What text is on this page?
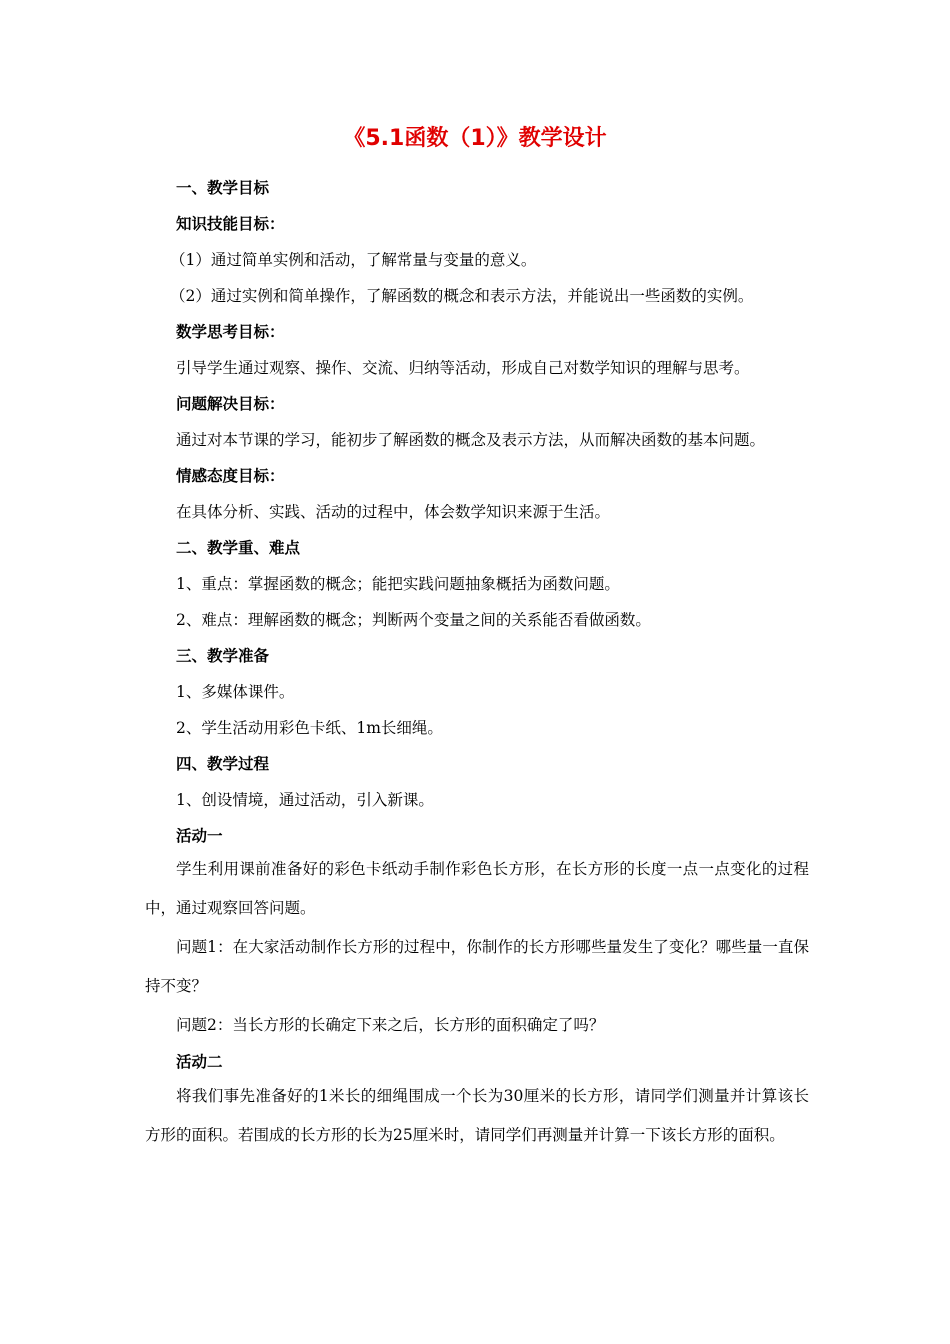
《5.1函数（1）》教学设计
一、教学目标
知识技能目标：
（1）通过简单实例和活动，了解常量与变量的意义。
（2）通过实例和简单操作，了解函数的概念和表示方法，并能说出一些函数的实例。
数学思考目标：
引导学生通过观察、操作、交流、归纳等活动，形成自己对数学知识的理解与思考。
问题解决目标：
通过对本节课的学习，能初步了解函数的概念及表示方法，从而解决函数的基本问题。
情感态度目标：
在具体分析、实践、活动的过程中，体会数学知识来源于生活。
二、教学重、难点
1、重点：掌握函数的概念；能把实践问题抽象概括为函数问题。
2、难点：理解函数的概念；判断两个变量之间的关系能否看做函数。
三、教学准备
1、多媒体课件。
2、学生活动用彩色卡纸、1m长细绳。
四、教学过程
1、创设情境，通过活动，引入新课。
活动一
学生利用课前准备好的彩色卡纸动手制作彩色长方形，在长方形的长度一点一点变化的过程中，通过观察回答问题。
问题1：在大家活动制作长方形的过程中，你制作的长方形哪些量发生了变化？哪些量一直保持不变？
问题2：当长方形的长确定下来之后，长方形的面积确定了吗？
活动二
将我们事先准备好的1米长的细绳围成一个长为30厘米的长方形，请同学们测量并计算该长方形的面积。若围成的长方形的长为25厘米时，请同学们再测量并计算一下该长方形的面积。
